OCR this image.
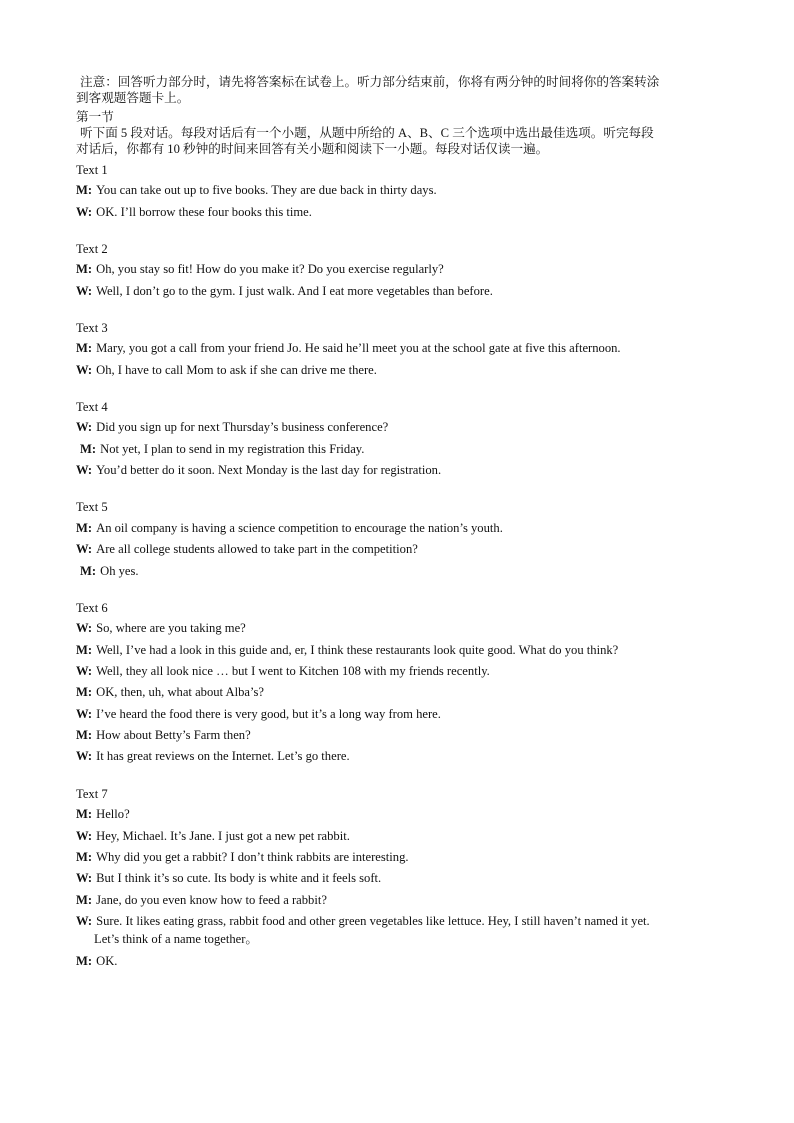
注意：回答听力部分时，请先将答案标在试卷上。听力部分结束前，你将有两分钟的时间将你的答案转涂

到客观题答题卡上。

第一节

听下面 5 段对话。每段对话后有一个小题，从题中所给的 A、B、C 三个选项中选出最佳选项。听完每段

对话后，你都有 10 秒钟的时间来回答有关小题和阅读下一小题。每段对话仅读一遍。

Text 1

M: You can take out up to five books. They are due back in thirty days.

W: OK. I’ll borrow these four books this time.

Text 2

M: Oh, you stay so fit! How do you make it? Do you exercise regularly?

W: Well, I don’t go to the gym. I just walk. And I eat more vegetables than before.

Text 3

M: Mary, you got a call from your friend Jo. He said he’ll meet you at the school gate at five this afternoon.

W: Oh, I have to call Mom to ask if she can drive me there.

Text 4

W: Did you sign up for next Thursday’s business conference?

M: Not yet, I plan to send in my registration this Friday.

W: You’d better do it soon. Next Monday is the last day for registration.

Text 5

M: An oil company is having a science competition to encourage the nation’s youth.

W: Are all college students allowed to take part in the competition?

M: Oh yes.

Text 6

W: So, where are you taking me?

M: Well, I’ve had a look in this guide and, er, I think these restaurants look quite good. What do you think?

W: Well, they all look nice … but I went to Kitchen 108 with my friends recently.

M: OK, then, uh, what about Alba’s?

W: I’ve heard the food there is very good, but it’s a long way from here.

M: How about Betty’s Farm then?

W: It has great reviews on the Internet. Let’s go there.

Text 7

M: Hello?

W: Hey, Michael. It’s Jane. I just got a new pet rabbit.

M: Why did you get a rabbit? I don’t think rabbits are interesting.

W: But I think it’s so cute. Its body is white and it feels soft.

M: Jane, do you even know how to feed a rabbit?

W: Sure. It likes eating grass, rabbit food and other green vegetables like lettuce. Hey, I still haven’t named it yet.

Let’s think of a name together。

M: OK.
